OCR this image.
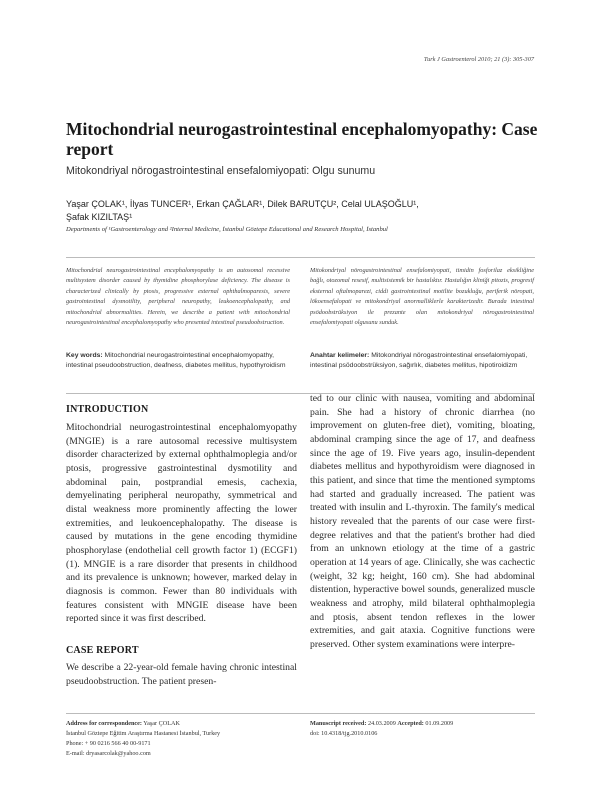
Turk J Gastroenterol 2010; 21 (3): 305-307
Mitochondrial neurogastrointestinal encephalomyopathy: Case report

Mitokondriyal nörogastrointestinal ensefalomiyopati: Olgu sunumu

Yaşar ÇOLAK¹, İlyas TUNCER¹, Erkan ÇAĞLAR¹, Dilek BARUTÇU², Celal ULAŞOĞLU¹,
Şafak KIZILTAŞ¹
Departments of ¹Gastroenterology and ²Internal Medicine, İstanbul Göztepe Educational and Research Hospital, İstanbul
Mitochondrial neurogastrointestinal encephalomyopathy is an autosomal recessive multisystem disorder caused by thymidine phosphorylase deficiency. The disease is characterized clinically by ptosis, progressive external ophthalmoparesis, severe gastrointestinal dysmotility, peripheral neuropathy, leukoencephalopathy, and mitochondrial abnormalities. Herein, we describe a patient with mitochondrial neurogastrointestinal encephalomyopathy who presented intestinal pseudoobstruction.
Key words: Mitochondrial neurogastrointestinal encephalomyopathy, intestinal pseudoobstruction, deafness, diabetes mellitus, hypothyroidism
Mitokondriyal nörogastrointestinal ensefalomiyopati, timidin fosforilaz eksikliğine bağlı, otozomal resesif, multisistemik bir hastalıktır. Hastalığın kliniği pitozis, progresif eksternal oftalmoparezi, ciddi gastrointestinal motilite bozukluğu, periferik nöropati, lökoensefalopati ve mitokondriyal anormalliklerle karakterizedir. Burada intestinal psödoobstrüksiyon ile prezante olan mitokondriyal nörogastrointestinal ensefalomiyopati olgusunu sunduk.
Anahtar kelimeler: Mitokondriyal nörogastrointestinal ensefalomiyopati, intestinal psödoobstrüksiyon, sağırlık, diabetes mellitus, hipotiroidizm
INTRODUCTION

Mitochondrial neurogastrointestinal encephalomyopathy (MNGIE) is a rare autosomal recessive multisystem disorder characterized by external ophthalmoplegia and/or ptosis, progressive gastrointestinal dysmotility and abdominal pain, postprandial emesis, cachexia, demyelinating peripheral neuropathy, symmetrical and distal weakness more prominently affecting the lower extremities, and leukoencephalopathy. The disease is caused by mutations in the gene encoding thymidine phosphorylase (endothelial cell growth factor 1) (ECGF1) (1). MNGIE is a rare disorder that presents in childhood and its prevalence is unknown; however, marked delay in diagnosis is common. Fewer than 80 individuals with features consistent with MNGIE disease have been reported since it was first described.

CASE REPORT

We describe a 22-year-old female having chronic intestinal pseudoobstruction. The patient presen-

ted to our clinic with nausea, vomiting and abdominal pain. She had a history of chronic diarrhea (no improvement on gluten-free diet), vomiting, bloating, abdominal cramping since the age of 17, and deafness since the age of 19. Five years ago, insulin-dependent diabetes mellitus and hypothyroidism were diagnosed in this patient, and since that time the mentioned symptoms had started and gradually increased. The patient was treated with insulin and L-thyroxin. The family's medical history revealed that the parents of our case were first-degree relatives and that the patient's brother had died from an unknown etiology at the time of a gastric operation at 14 years of age. Clinically, she was cachectic (weight, 32 kg; height, 160 cm). She had abdominal distention, hyperactive bowel sounds, generalized muscle weakness and atrophy, mild bilateral ophthalmoplegia and ptosis, absent tendon reflexes in the lower extremities, and gait ataxia. Cognitive functions were preserved. Other system examinations were interpre-

Address for correspondence: Yaşar ÇOLAK
İstanbul Göztepe Eğitim Araştırma Hastanesi İstanbul, Turkey
Phone: + 90 0216 566 40 00-9171
E-mail: dryasarcolak@yahoo.com
Manuscript received: 24.03.2009 Accepted: 01.09.2009
doi: 10.4318/tjg.2010.0106
